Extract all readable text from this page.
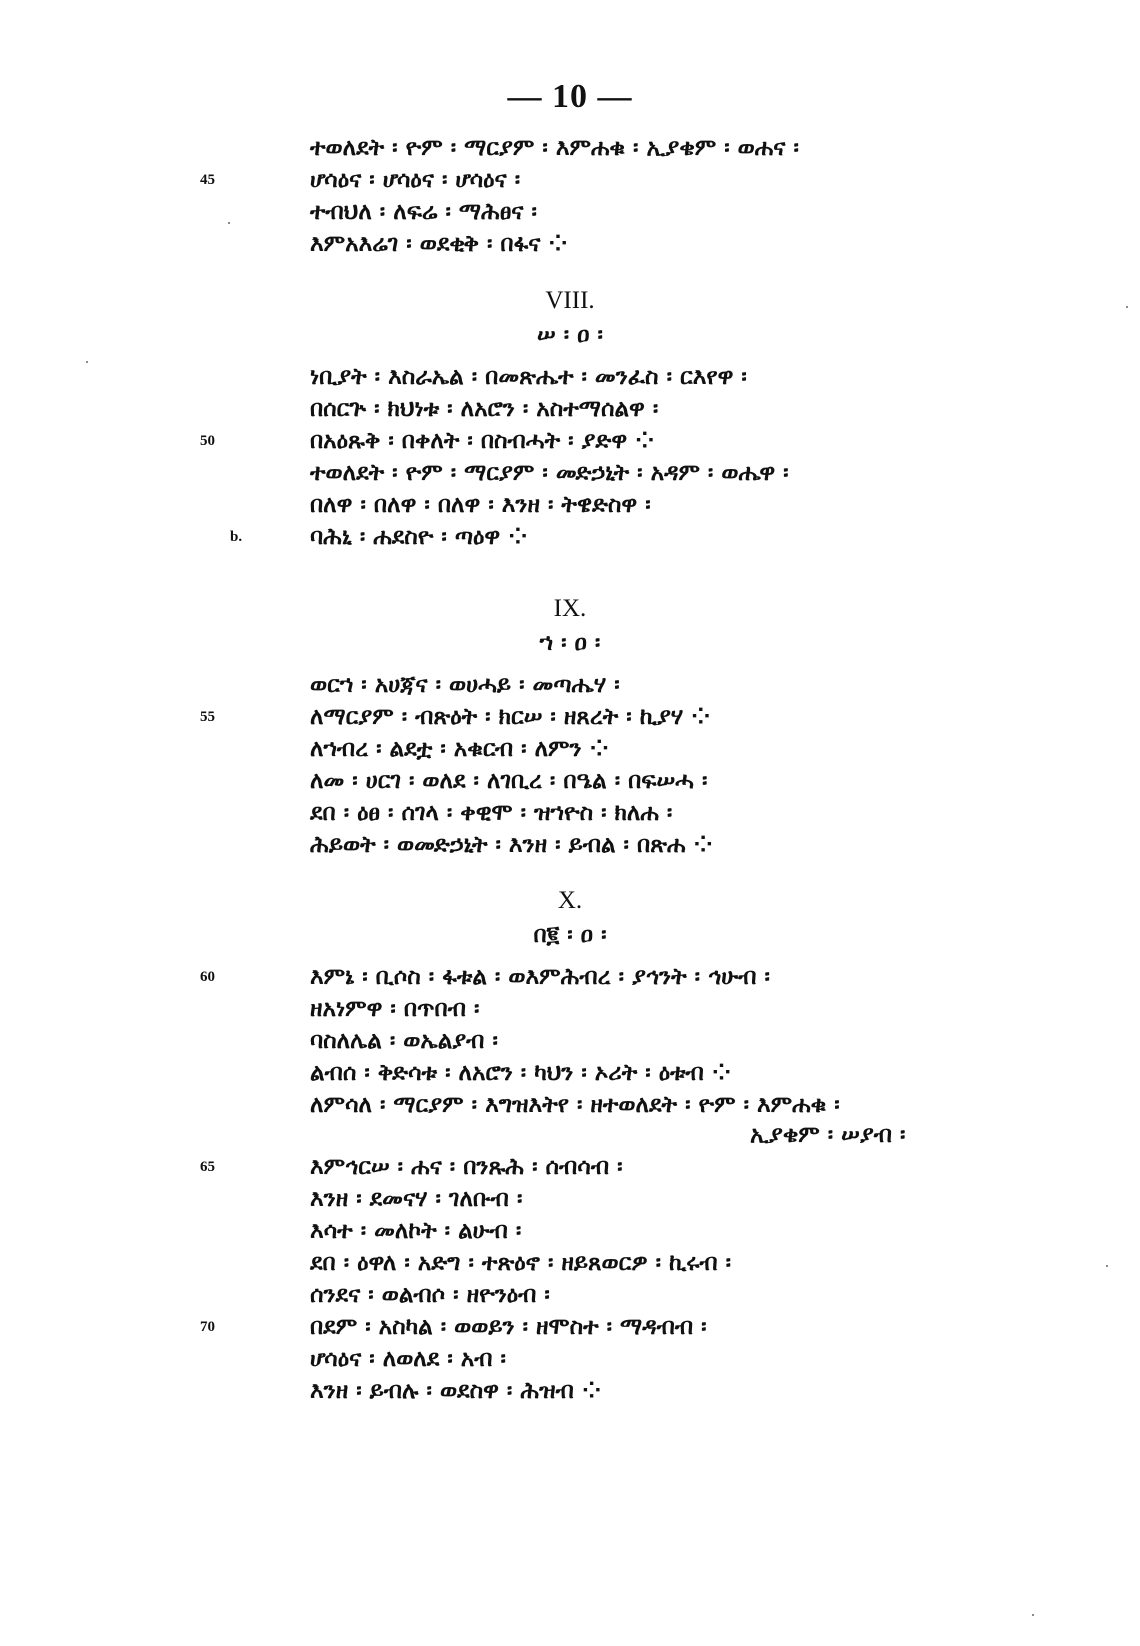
— 10 —
ተወለደት ፡ ዮም ፡ ማርያም ፡ እምሐቁ ፡ ኢያቄም ፡ ወሐና ፡
45	ሆሳዕና ፡ ሆሳዕና ፡ ሆሳዕና ፡
ተብህለ ፡ ለፍሬ ፡ ማሕፀና ፡
እምአእሬገ ፡ ወደቂቅ ፡ በፋና ⁘
VIII.
ሠ ፡ ዐ ፡
ነቢያት ፡ እስራኤል ፡ በመጽሔተ ፡ መንፈስ ፡ ርእየዋ ፡
በሰርጕ ፡ ክህነቱ ፡ ለአሮን ፡ አስተማሰልዋ ፡
50	በአዕጹቅ ፡ በቀለት ፡ በስብሓት ፡ ያድዋ ⁘
ተወለደት ፡ ዮም ፡ ማርያም ፡ መድኃኒት ፡ አዳም ፡ ወሔዋ ፡
በለዋ ፡ በለዋ ፡ በለዋ ፡ እንዘ ፡ ትዌድስዋ ፡
b.	ባሕኒ ፡ ሐደስዮ ፡ ጣዕዋ ⁘
IX.
ኀ ፡ ዐ ፡
ወርኀ ፡ አሀጃና ፡ ወሀሓይ ፡ መጣሔሃ ፡
55	ለማርያም ፡ ብጽዕት ፡ ክርሠ ፡ ዘጸረት ፡ ኪያሃ ⁘
ለኀብረ ፡ ልደቷ ፡ አቁርብ ፡ ለምን ⁘
ለመ ፡ ሀርገ ፡ ወለደ ፡ ለገቢረ ፡ በዔል ፡ በፍሠሓ ፡
ደበ ፡ ዕፀ ፡ ሰገላ ፡ ቀዊሞ ፡ ዝኀዮስ ፡ ክለሐ ፡
ሕይወት ፡ ወመድኃኒት ፡ እንዘ ፡ ይብል ፡ በጽሐ ⁘
X.
በ፪ ፡ ዐ ፡
60	እምኔ ፡ ቢሶስ ፡ ፋቱል ፡ ወእምሕብረ ፡ ያኅንት ፡ ኅሁብ ፡
ዘአነምዋ ፡ በጥበብ ፡
ባስለሌል ፡ ወኤልያብ ፡
ልብሰ ፡ ቅድሳቱ ፡ ለአሮን ፡ ካህን ፡ ኦሪት ፡ ዕቱብ ⁘
ለምሳለ ፡ ማርያም ፡ እግዝእትየ ፡ ዘተወለደት ፡ ዮም ፡ እምሐቁ ፡
ኢያቄም ፡ ሠያብ ፡
65	እምኅርሠ ፡ ሐና ፡ በንጹሕ ፡ ሰብሳብ ፡
እንዘ ፡ ደመናሃ ፡ ገለቡብ ፡
እሳተ ፡ መለኮት ፡ ልሁብ ፡
ደበ ፡ ዕዋለ ፡ አድግ ፡ ተጽዕኖ ፡ ዘይጸወርዎ ፡ ኪሩብ ፡
ሰንደና ፡ ወልብሶ ፡ ዘዮንዕብ ፡
70	በደም ፡ አስካል ፡ ወወይን ፡ ዘሞስተ ፡ ማዳብብ ፡
ሆሳዕና ፡ ለወለደ ፡ አብ ፡
እንዘ ፡ ይብሉ ፡ ወደስዋ ፡ ሕዝብ ⁘
